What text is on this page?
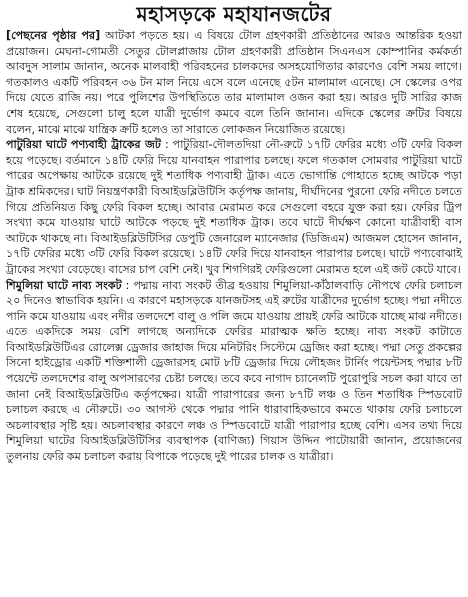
মহাসড়কে মহাযানজটের

[পেছনের পৃষ্ঠার পর] আটকা পড়তে হয়। এ বিষয়ে টোল গ্রহণকারী প্রতিষ্ঠানের আরও আন্তরিক হওয়া প্রয়োজন। মেঘনা-গোমতী সেতুর টোলপ্লাজায় টোল গ্রহণকারী প্রতিষ্ঠান সিএনএস কোম্পানির কর্মকর্তা আবদুস সালাম জানান, অনেক মালবাহী পরিবহনের চালকদের অসহযোগিতার কারণেও বেশি সময় লাগে। গতকালও একটি পরিবহন ৩৬ টন মাল নিয়ে এসে বলে এনেছে ৫টন মালামাল এনেছে। সে স্কেলের ওপর দিয়ে যেতে রাজি নয়। পরে পুলিশের উপস্থিতিতে তার মালামাল ওজন করা হয়। আরও দুটি সারির কাজ শেষ হয়েছে, সেগুলো চালু হলে যাত্রী দুর্ভোগ কমবে বলে তিনি জানান। এদিকে স্কেলের ক্রটির বিষয়ে বলেন, মাঝে মাঝে যান্ত্রিক ক্রটি হলেও তা সারাতে লোকজন নিয়োজিত রয়েছে।

পাটুরিয়া ঘাটে পণ্যবাহী ট্রাকের জট : পাটুরিয়া-দৌলতদিয়া নৌ-রুটে ১৭টি ফেরির মধ্যে ৩টি ফেরি বিকল হয়ে পড়েছে। বর্তমানে ১৪টি ফেরি দিয়ে যানবাহন পারাপার চলছে। ফলে গতকাল সোমবার পাটুরিয়া ঘাটে পারের অপেক্ষায় আটকে রয়েছে দুই শতাধিক পণ্যবাহী ট্রাক। এতে ভোগান্তি পোহাতে হচ্ছে আটকে পড়া ট্রাক শ্রমিকদের। ঘাট নিয়ন্ত্রণকারী বিআইডব্লিউটিসি কর্তৃপক্ষ জানায়, দীর্ঘদিনের পুরনো ফেরি নদীতে চলতে গিয়ে প্রতিনিয়ত কিছু ফেরি বিকল হচ্ছে। আবার মেরামত করে সেগুলো বহরে যুক্ত করা হয়। ফেরির ট্রিপ সংখ্যা কমে যাওয়ায় ঘাটে আটকে পড়ছে দুই শতাধিক ট্রাক। তবে ঘাটে দীর্ঘক্ষণ কোনো যাত্রীবাহী বাস আটকে থাকছে না। বিআইডব্লিউটিসির ডেপুটি জেনারেল ম্যানেজার (ডিজিএম) আজমল হোসেন জানান, ১৭টি ফেরির মধ্যে ৩টি ফেরি বিকল রয়েছে। ১৪টি ফেরি দিয়ে যানবাহন পারাপার চলছে। ঘাটে পণ্যবোঝাই ট্রাকের সংখ্যা বেড়েছে। বাসের চাপ বেশি নেই। খুব শিগগিরই ফেরিগুলো মেরামত হলে এই জট কেটে যাবে।

শিমুলিয়া ঘাটে নাব্য সংকট : পদ্মায় নাব্য সংকট তীব্র হওয়ায় শিমুলিয়া-কাঁঠালবাড়ি নৌপথে ফেরি চলাচল ২০ দিনেও স্বাভাবিক হয়নি। এ কারণে মহাসড়কে যানজটসহ এই রুটের যাত্রীদের দুর্ভোগ হচ্ছে। পদ্মা নদীতে পানি কমে যাওয়ায় এবং নদীর তলদেশে বালু ও পলি জমে যাওয়ায় প্রায়ই ফেরি আটকে যাচ্ছে মাঝ নদীতে। এতে একদিকে সময় বেশি লাগছে অন্যদিকে ফেরির মারাত্মক ক্ষতি হচ্ছে। নাব্য সংকট কাটাতে বিআইডব্লিউটিএর রোলেক্স ড্রেজার জাহাজ দিয়ে মনিটরিং সিস্টেমে ড্রেজিং করা হচ্ছে। পদ্মা সেতু প্রকল্পের সিনো হাইড্রোর একটি শক্তিশালী ড্রেজারসহ মোট ৮টি ড্রেজার দিয়ে লৌহজং টার্নিং পয়েন্টসহ পদ্মার ৮টি পয়েন্টে তলদেশের বালু অপসারণের চেষ্টা চলছে। তবে কবে নাগাদ চ্যানেলটি পুরোপুরি সচল করা যাবে তা জানা নেই বিআইডব্লিউটিএ কর্তৃপক্ষের। যাত্রী পারাপারের জন্য ৮৭টি লঞ্চ ও তিন শতাধিক স্পিডবোট চলাচল করছে এ নৌরুটে। ৩০ আগস্ট থেকে পদ্মার পানি ধারাবাহিকভাবে কমতে থাকায় ফেরি চলাচলে অচলাবস্থার সৃষ্টি হয়। অচলাবস্থার কারণে লঞ্চ ও স্পিডবোটে যাত্রী পারাপার হচ্ছে বেশি। এসব তথ্য দিয়ে শিমুলিয়া ঘাটের বিআইডব্লিউটিসির ব্যবস্থাপক (বাণিজ্য) গিয়াস উদ্দিন পাটোয়ারী জানান, প্রয়োজনের তুলনায় ফেরি কম চলাচল করায় বিপাকে পড়েছে দুই পারের চালক ও যাত্রীরা।
